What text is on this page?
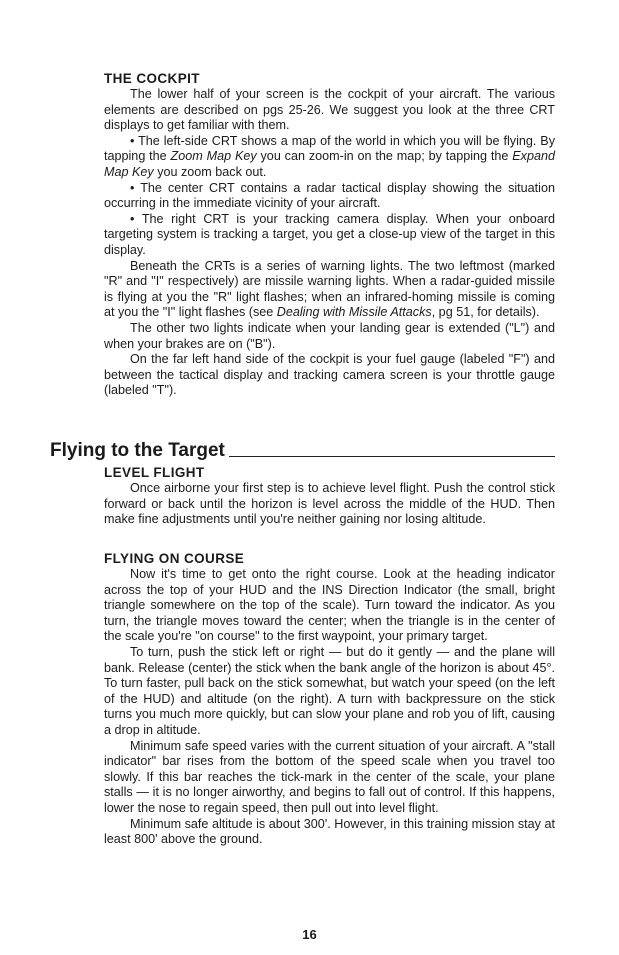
THE COCKPIT

The lower half of your screen is the cockpit of your aircraft. The various elements are described on pgs 25-26. We suggest you look at the three CRT displays to get familiar with them.

• The left-side CRT shows a map of the world in which you will be flying. By tapping the Zoom Map Key you can zoom-in on the map; by tapping the Expand Map Key you zoom back out.

• The center CRT contains a radar tactical display showing the situation occurring in the immediate vicinity of your aircraft.

• The right CRT is your tracking camera display. When your onboard targeting system is tracking a target, you get a close-up view of the target in this display.

Beneath the CRTs is a series of warning lights. The two leftmost (marked "R" and "I" respectively) are missile warning lights. When a radar-guided missile is flying at you the "R" light flashes; when an infrared-homing missile is coming at you the "I" light flashes (see Dealing with Missile Attacks, pg 51, for details).

The other two lights indicate when your landing gear is extended ("L") and when your brakes are on ("B").

On the far left hand side of the cockpit is your fuel gauge (labeled "F") and between the tactical display and tracking camera screen is your throttle gauge (labeled "T").

Flying to the Target
LEVEL FLIGHT

Once airborne your first step is to achieve level flight. Push the control stick forward or back until the horizon is level across the middle of the HUD. Then make fine adjustments until you're neither gaining nor losing altitude.

FLYING ON COURSE

Now it's time to get onto the right course. Look at the heading indicator across the top of your HUD and the INS Direction Indicator (the small, bright triangle somewhere on the top of the scale). Turn toward the indicator. As you turn, the triangle moves toward the center; when the triangle is in the center of the scale you're "on course" to the first waypoint, your primary target.

To turn, push the stick left or right — but do it gently — and the plane will bank. Release (center) the stick when the bank angle of the horizon is about 45°. To turn faster, pull back on the stick somewhat, but watch your speed (on the left of the HUD) and altitude (on the right). A turn with backpressure on the stick turns you much more quickly, but can slow your plane and rob you of lift, causing a drop in altitude.

Minimum safe speed varies with the current situation of your aircraft. A "stall indicator" bar rises from the bottom of the speed scale when you travel too slowly. If this bar reaches the tick-mark in the center of the scale, your plane stalls — it is no longer airworthy, and begins to fall out of control. If this happens, lower the nose to regain speed, then pull out into level flight.

Minimum safe altitude is about 300'. However, in this training mission stay at least 800' above the ground.

16
